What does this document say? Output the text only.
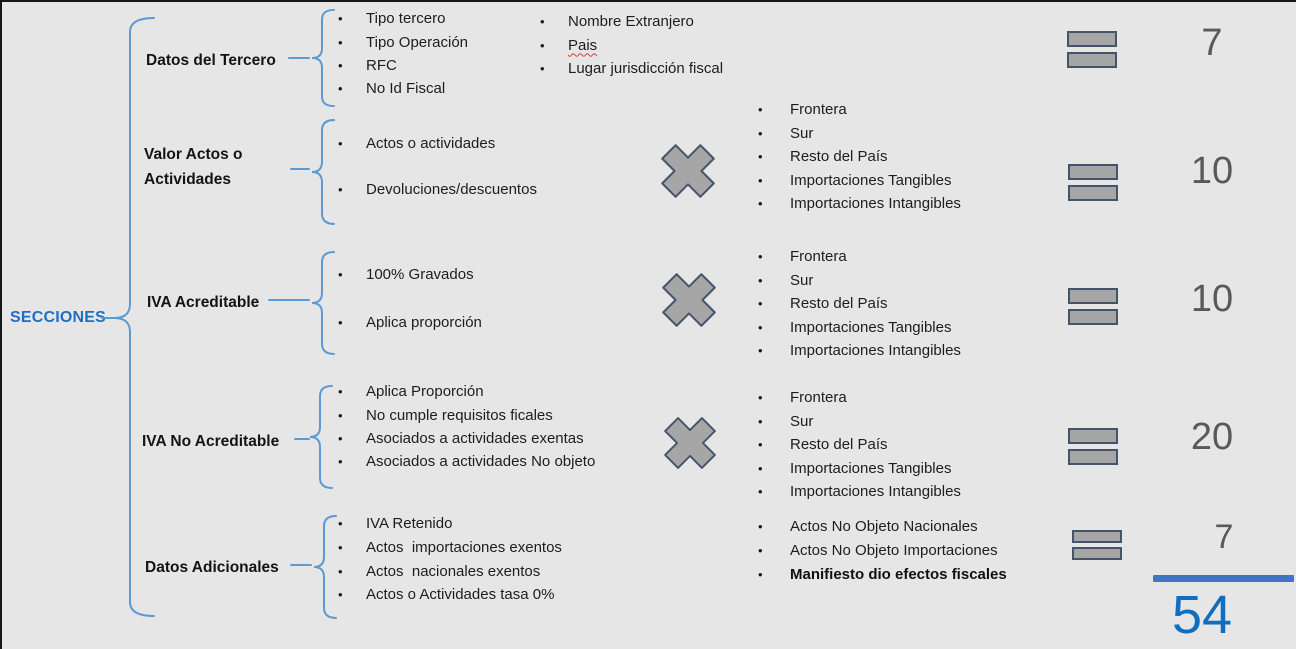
SECCIONES
Datos del Tercero
•	Tipo tercero
•	Tipo Operación
•	RFC
•	No Id Fiscal
•	Nombre Extranjero
•	Pais
•	Lugar jurisdicción fiscal
7
Valor Actos o Actividades
•	Actos o actividades
•	Devoluciones/descuentos
•	Frontera
•	Sur
•	Resto del País
•	Importaciones Tangibles
•	Importaciones Intangibles
10
IVA Acreditable
•	100% Gravados
•	Aplica proporción
•	Frontera
•	Sur
•	Resto del País
•	Importaciones Tangibles
•	Importaciones Intangibles
10
IVA No Acreditable
•	Aplica Proporción
•	No cumple requisitos ficales
•	Asociados a actividades exentas
•	Asociados a actividades No objeto
•	Frontera
•	Sur
•	Resto del País
•	Importaciones Tangibles
•	Importaciones Intangibles
20
Datos Adicionales
•	IVA Retenido
•	Actos  importaciones exentos
•	Actos  nacionales exentos
•	Actos o Actividades tasa 0%
•	Actos No Objeto Nacionales
•	Actos No Objeto Importaciones
•	Manifiesto dio efectos fiscales
7
54
